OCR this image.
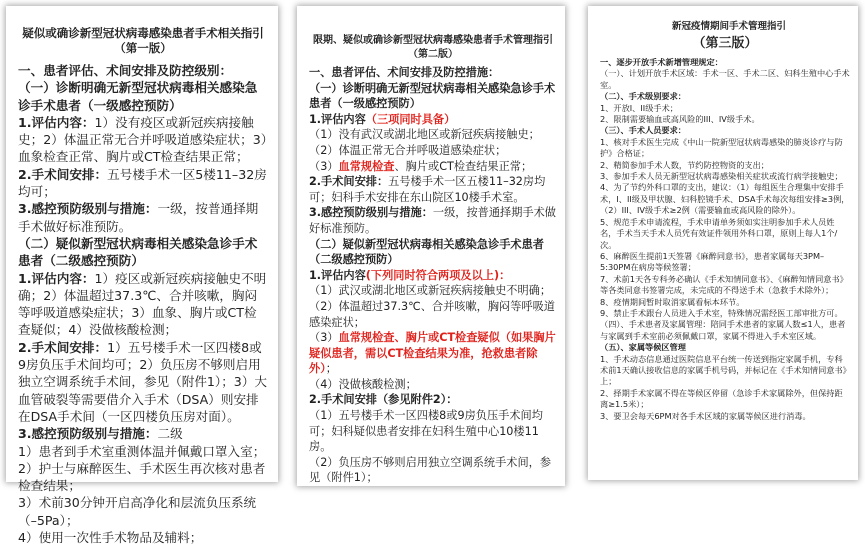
疑似或确诊新型冠状病毒感染患者手术相关指引
（第一版）
一、患者评估、术间安排及防控级别：
（一）诊断明确无新型冠状病毒相关感染急诊手术患者（一级感控预防）
1.评估内容：1）没有疫区或新冠疾病接触史；2）体温正常无合并呼吸道感染症状；3）血象检查正常、胸片或CT检查结果正常；
2.手术间安排：五号楼手术一区5楼11–32房均可；
3.感控预防级别与措施：一级，按普通择期手术做好标准预防。
（二）疑似新型冠状病毒相关感染急诊手术患者（二级感控预防）
1.评估内容：1）疫区或新冠疾病接触史不明确；2）体温超过37.3℃、合并咳嗽，胸闷等呼吸道感染症状；3）血象、胸片或CT检查疑似；4）没做核酸检测；
2.手术间安排：1）五号楼手术一区四楼8或9房负压手术间均可；2）负压房不够则启用独立空调系统手术间，参见（附件1）；3）大血管破裂等需要借介入手术（DSA）则安排在DSA手术间（一区四楼负压房对面）。
3.感控预防级别与措施：二级
1）患者到手术室重测体温并佩戴口罩入室；
2）护士与麻醉医生、手术医生再次核对患者检查结果；
3）术前30分钟开启高净化和层流负压系统（–5Pa）；
4）使用一次性手术物品及辅料；
限期、疑似或确诊新型冠状病毒感染患者手术管理指引
（第二版）
一、患者评估、术间安排及防控措施：
（一）诊断明确无新型冠状病毒相关感染急诊手术患者（一级感控预防）
1.评估内容（三项同时具备）
（1）没有武汉或湖北地区或新冠疾病接触史；
（2）体温正常无合并呼吸道感染症状；
（3）血常规检查、胸片或CT检查结果正常；
2.手术间安排：五号楼手术一区五楼11–32房均可；妇科手术安排在东山院区10楼手术室。
3.感控预防级别与措施：一级，按普通择期手术做好标准预防。
（二）疑似新型冠状病毒相关感染急诊手术患者（二级感控预防）
1.评估内容(下列同时符合两项及以上)：
（1）武汉或湖北地区或新冠疾病接触史不明确；
（2）体温超过37.3℃、合并咳嗽，胸闷等呼吸道感染症状；
（3）血常规检查、胸片或CT检查疑似（如果胸片疑似患者，需以CT检查结果为准，抢救患者除外）；
（4）没做核酸检测；
2.手术间安排（参见附件2）：
（1）五号楼手术一区四楼8或9房负压手术间均可；妇科疑似患者安排在妇科生殖中心10楼11房。
（2）负压房不够则启用独立空调系统手术间，参见（附件1）；
新冠疫情期间手术管理指引
（第三版）
一、逐步开放手术新增管理规定：
（一）、计划开放手术区域：手术一区、手术二区、妇科生殖中心手术室。
（二）、手术级别要求：
1、开放I、II级手术；
2、限制需要输血或高风险的III、IV级手术。
（三）、手术人员要求：
1、核对手术医生完成《中山一院新型冠状病毒感染的肺炎诊疗与防护》合格证；
2、精简参加手术人数，节约防控物资的支出；
3、参加手术人员无新型冠状病毒感染相关症状或流行病学接触史；
4、为了节约外科口罩的支出，建议：（1）每组医生合理集中安排手术，I、II级及甲状腺、妇科腔镜手术、DSA手术每次每组安排≥3例，（2）III、IV级手术≥2例（需要输血或高风险的除外）。
5、规范手术申请流程，手术申请单务须如实注明参加手术人员姓名，手术当天手术人员凭有效证件领用外科口罩，原则上每人1个/次。
6、麻醉医生提前1天签署《麻醉同意书》，患者家属每天3PM–5:30PM在病房等候签署；
7、术前1天各专科务必确认《手术知情同意书》、《麻醉知情同意书》等各类同意书签署完成，未完成的不得送手术（急救手术除外）；
8、疫情期间暂时取消家属看标本环节。
9、禁止手术跟台人员进入手术室，特殊情况需经医工部审批方可。
（四）、手术患者及家属管理：陪同手术患者的家属人数≤1人，患者与家属到手术室前必须佩戴口罩，家属不得进入手术室区域。
（五）、家属等候区管理
1、手术动态信息通过医院信息平台统一传送到指定家属手机，专科术前1天确认接收信息的家属手机号码，并标记在《手术知情同意书》上；
2、择期手术家属不得在等候区停留（急诊手术家属除外，但保持距离≥1.5米）；
3、要卫会每天6PM对各手术区域的家属等候区进行消毒。
